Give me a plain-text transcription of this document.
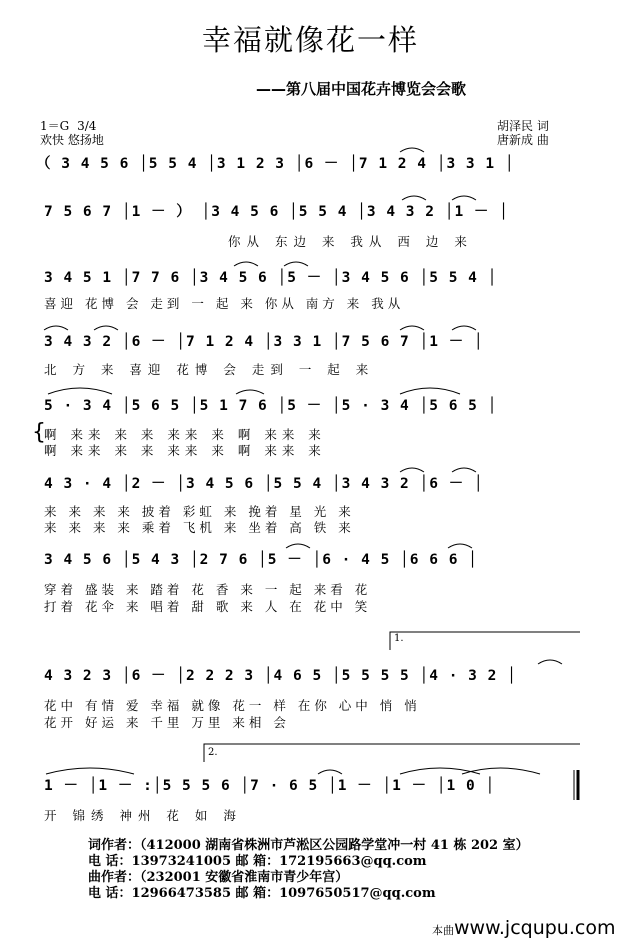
幸福就像花一样
——第八届中国花卉博览会会歌
1＝G 3/4
欢快 悠扬地
胡泽民 词
唐新成 曲
（ 3 4 5 6 │5 5 4 │3 1 2 3 │6 － │7 1 2 4 │3 3 1 │
7 5 6 7 │1 － ） │3 4 5 6 │5 5 4 │3 4 3 2 │1 － │
你从 东边 来 我从 西 边 来
3 4 5 1 │7 7 6 │3 4 5 6 │5 － │3 4 5 6 │5 5 4 │
喜迎 花博 会 走到 一 起 来 你从 南方 来 我从
3 4 3 2 │6 － │7 1 2 4 │3 3 1 │7 5 6 7 │1 － │
北 方 来 喜迎 花博 会 走到 一 起 来
5 · 3 4 │5 6 5 │5 1 7 6 │5 － │5 · 3 4 │5 6 5 │
{
啊 来来 来 来 来来 来 啊 来来 来
啊 来来 来 来 来来 来 啊 来来 来
4 3 · 4 │2 － │3 4 5 6 │5 5 4 │3 4 3 2 │6 － │
来 来 来 来 披着 彩虹 来 挽着 星 光 来
来 来 来 来 乘着 飞机 来 坐着 高 铁 来
3 4 5 6 │5 4 3 │2 7 6 │5 － │6 · 4 5 │6 6 6 │
穿着 盛装 来 踏着 花 香 来 一 起 来看 花
打着 花伞 来 唱着 甜 歌 来 人 在 花中 笑
1.
4 3 2 3 │6 － │2 2 2 3 │4 6 5 │5 5 5 5 │4 · 3 2 │
花中 有情 爱 幸福 就像 花一 样 在你 心中 悄 悄
花开 好运 来 千里 万里 来相 会
2.
1 － │1 － :│5 5 5 6 │7 · 6 5 │1 － │1 － │1 0 │
开 锦绣 神州 花 如 海
词作者：（412000 湖南省株洲市芦淞区公园路学堂冲一村 41 栋 202 室）
电 话：13973241005 邮 箱：172195663@qq.com
曲作者：（232001 安徽省淮南市青少年宫）
电 话：12966473585 邮 箱：1097650517@qq.com
本曲www.jcqupu.com
